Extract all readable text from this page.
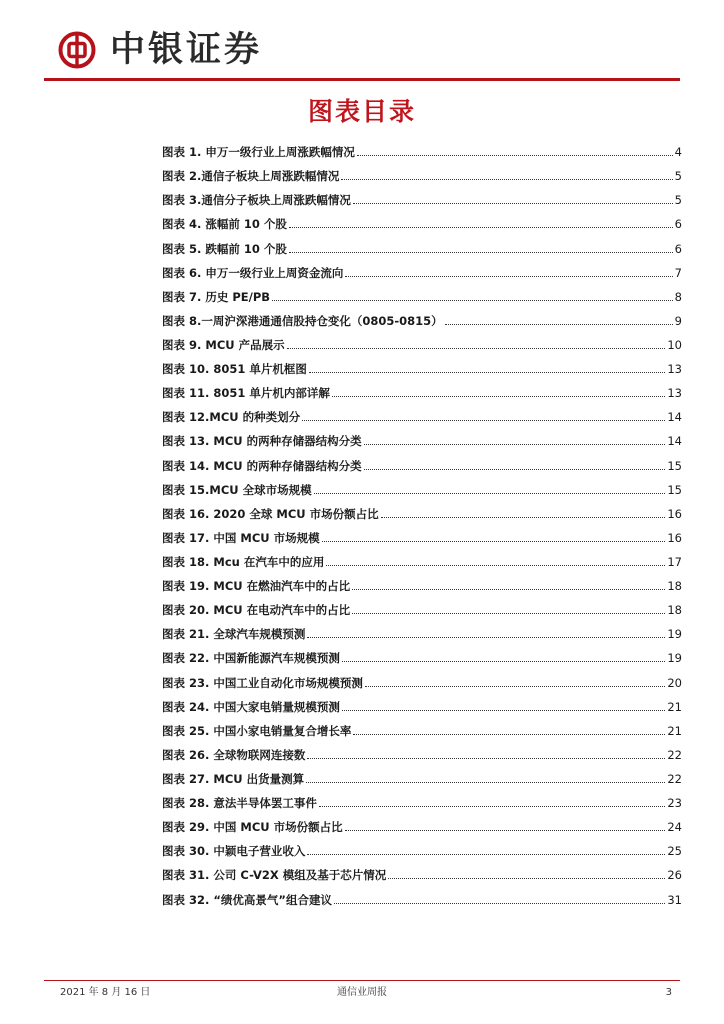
中银证券
图表目录
图表 1. 申万一级行业上周涨跌幅情况	4
图表 2.通信子板块上周涨跌幅情况	5
图表 3.通信分子板块上周涨跌幅情况	5
图表 4. 涨幅前 10 个股	6
图表 5. 跌幅前 10 个股	6
图表 6. 申万一级行业上周资金流向	7
图表 7. 历史 PE/PB	8
图表 8.一周沪深港通通信股持仓变化（0805-0815）	9
图表 9. MCU 产品展示	10
图表 10. 8051 单片机框图	13
图表 11. 8051 单片机内部详解	13
图表 12.MCU 的种类划分	14
图表 13. MCU 的两种存储器结构分类	14
图表 14. MCU 的两种存储器结构分类	15
图表 15.MCU 全球市场规模	15
图表 16. 2020 全球 MCU 市场份额占比	16
图表 17. 中国 MCU 市场规模	16
图表 18. Mcu 在汽车中的应用	17
图表 19. MCU 在燃油汽车中的占比	18
图表 20. MCU 在电动汽车中的占比	18
图表 21. 全球汽车规模预测	19
图表 22. 中国新能源汽车规模预测	19
图表 23. 中国工业自动化市场规模预测	20
图表 24. 中国大家电销量规模预测	21
图表 25. 中国小家电销量复合增长率	21
图表 26. 全球物联网连接数	22
图表 27. MCU 出货量测算	22
图表 28. 意法半导体罢工事件	23
图表 29. 中国 MCU 市场份额占比	24
图表 30. 中颖电子营业收入	25
图表 31. 公司 C-V2X 模组及基于芯片情况	26
图表 32. “绩优高景气”组合建议	31
2021 年 8 月 16 日	通信业周报	3
